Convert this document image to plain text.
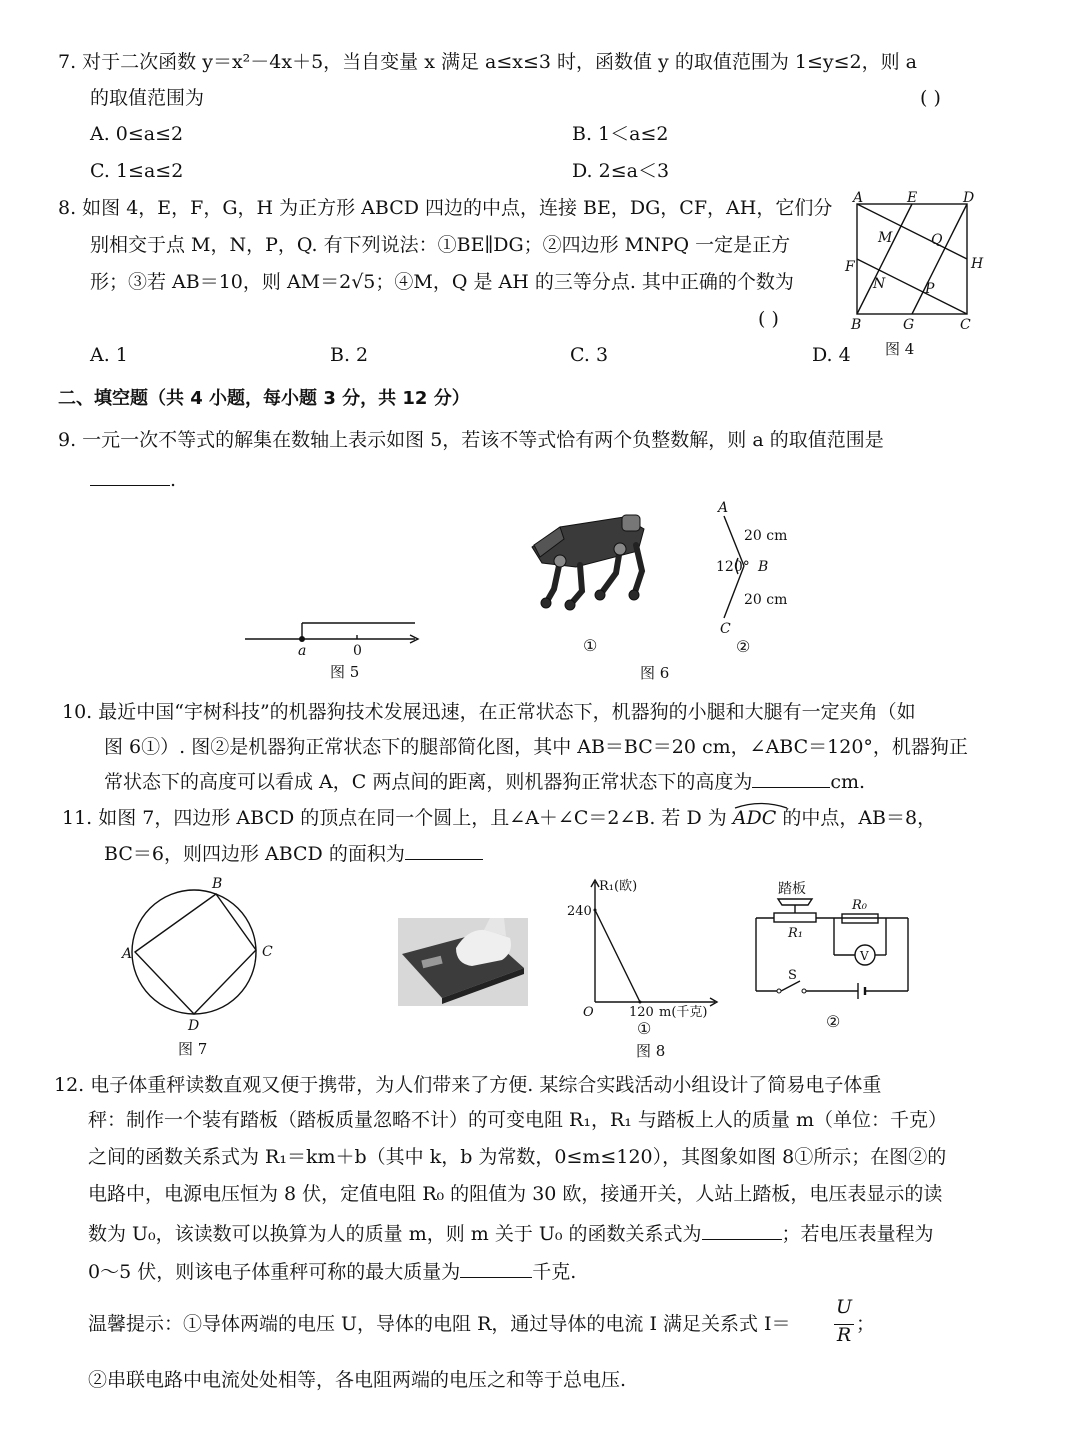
7. 对于二次函数 y＝x²－4x＋5，当自变量 x 满足 a≤x≤3 时，函数值 y 的取值范围为 1≤y≤2，则 a
的取值范围为	( )
A. 0≤a≤2	B. 1＜a≤2
C. 1≤a≤2	D. 2≤a＜3
8. 如图 4，E，F，G，H 为正方形 ABCD 四边的中点，连接 BE，DG，CF，AH，它们分
别相交于点 M，N，P，Q. 有下列说法：①BE∥DG；②四边形 MNPQ 一定是正方
形；③若 AB＝10，则 AM＝2√5；④M，Q 是 AH 的三等分点. 其中正确的个数为
( )
A. 1	B. 2	C. 3	D. 4
A	E	D
M	Q
H
F
N	P
B	G	C
图 4
二、填空题（共 4 小题，每小题 3 分，共 12 分）
9. 一元一次不等式的解集在数轴上表示如图 5，若该不等式恰有两个负整数解，则 a 的取值范围是
.
a	0
图 5
①
A
20 cm
120° B
20 cm
C
②
图 6
10. 最近中国“宇树科技”的机器狗技术发展迅速，在正常状态下，机器狗的小腿和大腿有一定夹角（如
图 6①）. 图②是机器狗正常状态下的腿部简化图，其中 AB＝BC＝20 cm，∠ABC＝120°，机器狗正
常状态下的高度可以看成 A，C 两点间的距离，则机器狗正常状态下的高度为	cm.
11. 如图 7，四边形 ABCD 的顶点在同一个圆上，且∠A＋∠C＝2∠B. 若 D 为 ADC 的中点，AB＝8，
BC＝6，则四边形 ABCD 的面积为
A
B
C
D
图 7
R₁(欧)
240
O	120 m(千克)
①
图 8
踏板
R₁
R₀
V
S
②
12. 电子体重秤读数直观又便于携带，为人们带来了方便. 某综合实践活动小组设计了简易电子体重
秤：制作一个装有踏板（踏板质量忽略不计）的可变电阻 R₁，R₁ 与踏板上人的质量 m（单位：千克）
之间的函数关系式为 R₁＝km＋b（其中 k，b 为常数，0≤m≤120），其图象如图 8①所示；在图②的
电路中，电源电压恒为 8 伏，定值电阻 R₀ 的阻值为 30 欧，接通开关，人站上踏板，电压表显示的读
数为 U₀，该读数可以换算为人的质量 m，则 m 关于 U₀ 的函数关系式为	；若电压表量程为
0～5 伏，则该电子体重秤可称的最大质量为	千克.
温馨提示：①导体两端的电压 U，导体的电阻 R，通过导体的电流 I 满足关系式 I＝
U
R ；
②串联电路中电流处处相等，各电阻两端的电压之和等于总电压.
